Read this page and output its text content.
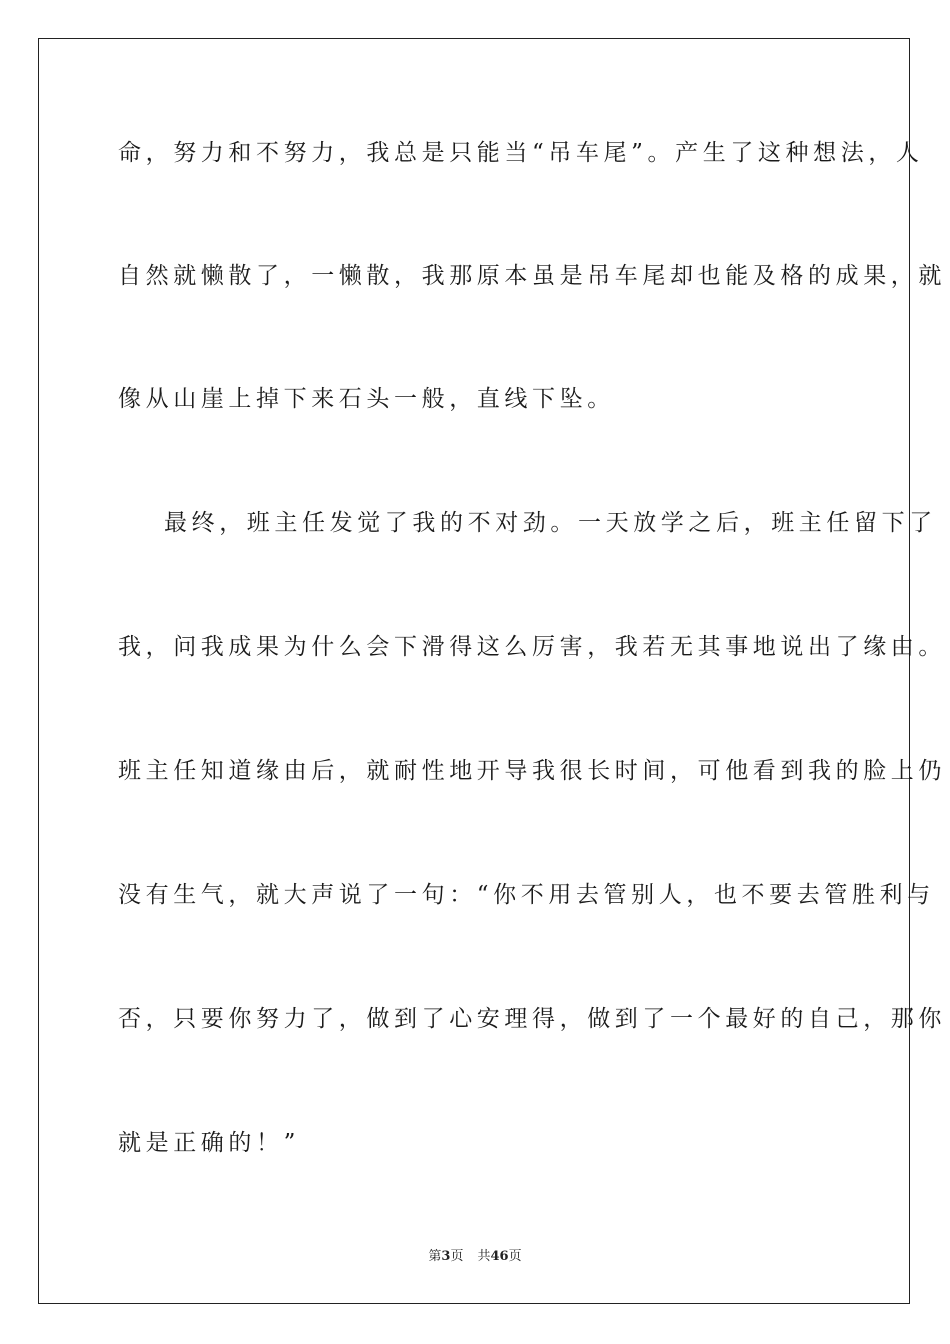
命，努力和不努力，我总是只能当“吊车尾”。产生了这种想法，人
自然就懒散了，一懒散，我那原本虽是吊车尾却也能及格的成果，就
像从山崖上掉下来石头一般，直线下坠。
最终，班主任发觉了我的不对劲。一天放学之后，班主任留下了
我，问我成果为什么会下滑得这么厉害，我若无其事地说出了缘由。
班主任知道缘由后，就耐性地开导我很长时间，可他看到我的脸上仍
没有生气，就大声说了一句：“你不用去管别人，也不要去管胜利与
否，只要你努力了，做到了心安理得，做到了一个最好的自己，那你
就是正确的！”
第3页 共46页
